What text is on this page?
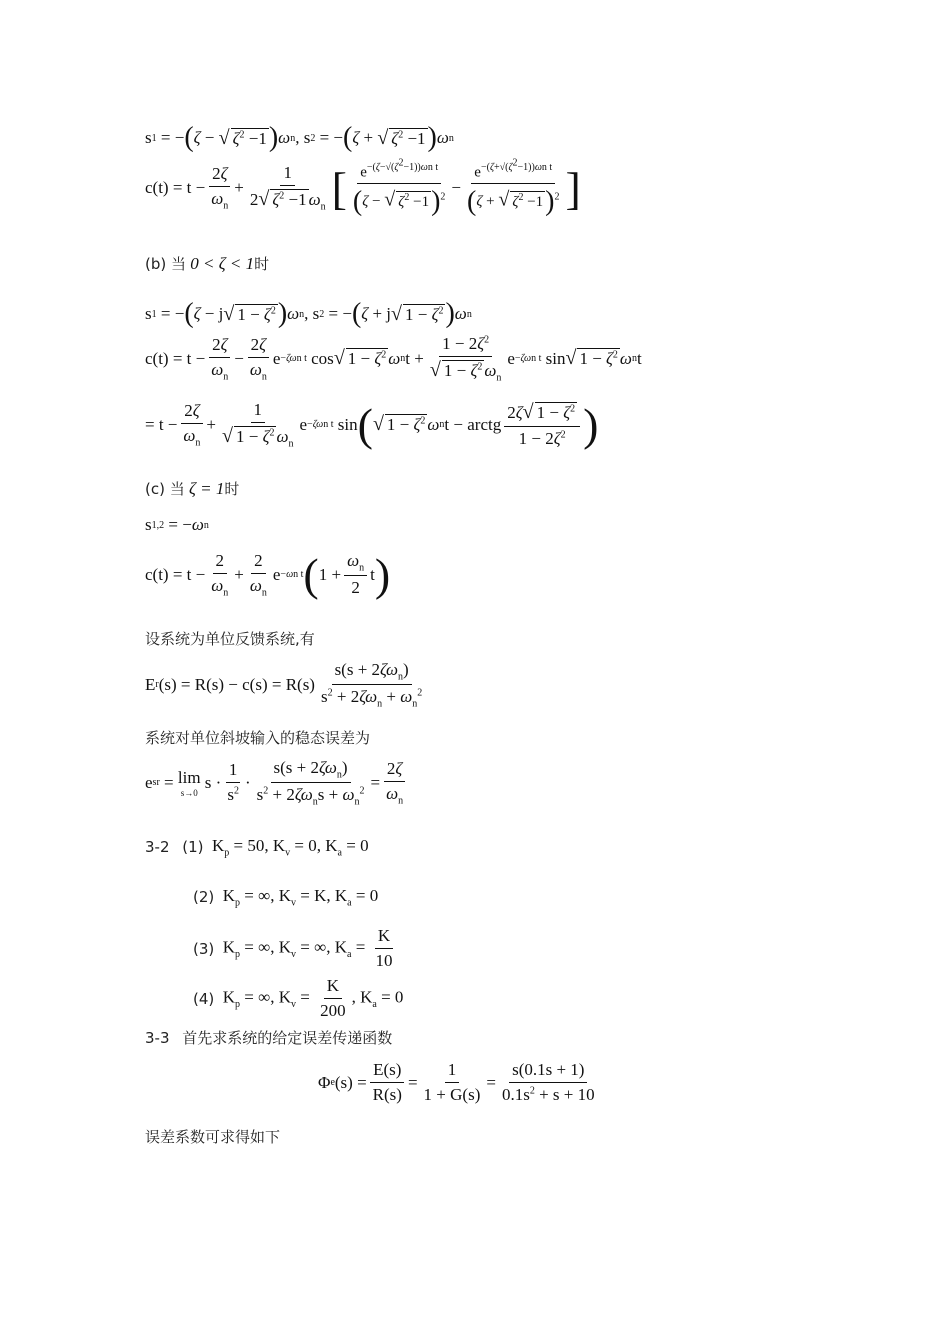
s 1 = − ( ζ − √ $\zeta^2 -1$ ) ω n , s 2 = − ( ζ + √ $\zeta^2 -1$ ) ω n
$c(t) = t - \frac{2\zeta}{\omega_n} + \frac{1}{2√ \zeta^2 -1 \omega_n}$ [ $\frac{e^{-(\zeta-√(\zeta^2-1))\omega n t}}{(\zeta - √ \zeta^2 -1)^2} - \frac{e^{-(\zeta+√(\zeta^2-1))\omega n t}}{(\zeta + √ \zeta^2 -1)^2}$ ]
(b) 当
0 < ζ < 1 时
s 1 = − ( ζ − j √ $1 - \zeta^2$ ) ω n , s 2 = − ( ζ + j √ $1 - \zeta^2$ ) ω n
$c(t) = t - \frac{2\zeta}{\omega_n} - \frac{2\zeta}{\omega_n}$ e −ζωn t cos √ $1 - \zeta^2$ ω n $t + \frac{1 - 2\zeta^2}{√ 1 - \zeta^2 \omega_n}$ e −ζωn t sin √ $1 - \zeta^2$ ω n t
= $t - \frac{2\zeta}{\omega_n} + \frac{1}{√ 1 - \zeta^2 \omega_n}$ e −ζωn t sin ( √ $1 - \zeta^2$ ω n t − arctg $\frac{2\zeta√ 1 - \zeta^2}{1 - 2\zeta^2}$ )
(c) 当
ζ = 1 时
s 1,2 = − ω n
$c(t) = t - \frac{2}{\omega_n} + \frac{2}{\omega_n}$ e −ωn t ( $1 + \frac{\omega_n}{2}$ t )
设系统为单位反馈系统,有
E r $(s) = R(s) - c(s) = R(s) \frac{s(s + 2\zeta\omega_n)}{s^2 + 2\zeta\omega_n + \omega_n^2}$
系统对单位斜坡输入的稳态误差为
e sr = lim
s→0
$s \cdot \frac{1}{s^2} \cdot \frac{s(s + 2\zeta\omega_n)}{s^2 + 2\zeta\omega_ns + \omega_n^2} = \frac{2\zeta}{\omega_n}$
3-2
(1)
$K_p = 50$, $K_v = 0$, $K_a = 0$
(2)
$K_p$ = ∞, $K_v = K$, $K_a = 0$
(3)
$K_p$ = ∞, $K_v$ = ∞, $K_a = \frac{K}{10}$
(4)
$K_p$ = ∞, $K_v = \frac{K}{200}$ , $K_a = 0$
3-3
首先求系统的给定误差传递函数
Φ e $(s) = \frac{E(s)}{R(s)} = \frac{1}{1 + G(s)} = \frac{s(0.1s + 1)}{0.1s^2 + s + 10}$
误差系数可求得如下
